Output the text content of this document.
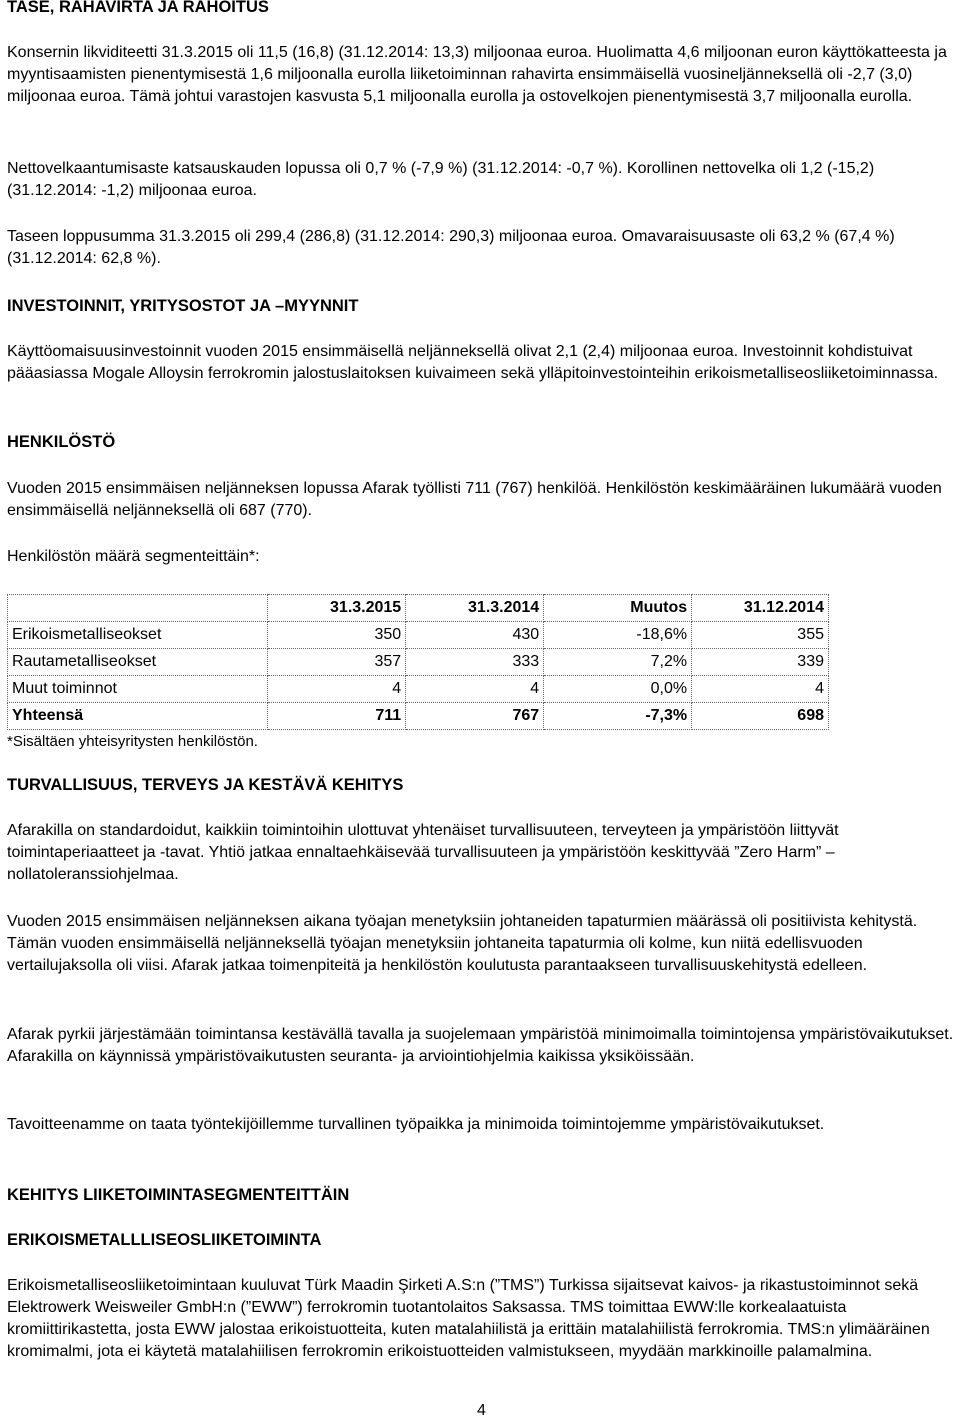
TASE, RAHAVIRTA JA RAHOITUS

Konsernin likviditeetti 31.3.2015 oli 11,5 (16,8) (31.12.2014: 13,3) miljoonaa euroa. Huolimatta 4,6 miljoonan euron käyttökatteesta ja myyntisaamisten pienentymisestä 1,6 miljoonalla eurolla liiketoiminnan rahavirta ensimmäisellä vuosineljänneksellä oli -2,7 (3,0) miljoonaa euroa. Tämä johtui varastojen kasvusta 5,1 miljoonalla eurolla ja ostovelkojen pienentymisestä 3,7 miljoonalla eurolla.

Nettovelkaantumisaste katsauskauden lopussa oli 0,7 % (-7,9 %) (31.12.2014: -0,7 %). Korollinen nettovelka oli 1,2 (-15,2) (31.12.2014: -1,2) miljoonaa euroa.

Taseen loppusumma 31.3.2015 oli 299,4 (286,8) (31.12.2014: 290,3) miljoonaa euroa. Omavaraisuusaste oli 63,2 % (67,4 %) (31.12.2014: 62,8 %).

INVESTOINNIT, YRITYSOSTOT JA –MYYNNIT

Käyttöomaisuusinvestoinnit vuoden 2015 ensimmäisellä neljänneksellä olivat 2,1 (2,4) miljoonaa euroa. Investoinnit kohdistuivat pääasiassa Mogale Alloysin ferrokromin jalostuslaitoksen kuivaimeen sekä ylläpitoinvestointeihin erikoismetalliseosliiketoiminnassa.

HENKILÖSTÖ

Vuoden 2015 ensimmäisen neljänneksen lopussa Afarak työllisti 711 (767) henkilöä. Henkilöstön keskimääräinen lukumäärä vuoden ensimmäisellä neljänneksellä oli 687 (770).

Henkilöstön määrä segmenteittäin*:

	31.3.2015	31.3.2014	Muutos	31.12.2014
Erikoismetalliseokset	350	430	-18,6%	355
Rautametalliseokset	357	333	7,2%	339
Muut toiminnot	4	4	0,0%	4
Yhteensä	711	767	-7,3%	698

*Sisältäen yhteisyritysten henkilöstön.

TURVALLISUUS, TERVEYS JA KESTÄVÄ KEHITYS

Afarakilla on standardoidut, kaikkiin toimintoihin ulottuvat yhtenäiset turvallisuuteen, terveyteen ja ympäristöön liittyvät toimintaperiaatteet ja -tavat. Yhtiö jatkaa ennaltaehkäisevää turvallisuuteen ja ympäristöön keskittyvää ”Zero Harm” –nollatoleranssiohjelmaa.

Vuoden 2015 ensimmäisen neljänneksen aikana työajan menetyksiin johtaneiden tapaturmien määrässä oli positiivista kehitystä. Tämän vuoden ensimmäisellä neljänneksellä työajan menetyksiin johtaneita tapaturmia oli kolme, kun niitä edellisvuoden vertailujaksolla oli viisi. Afarak jatkaa toimenpiteitä ja henkilöstön koulutusta parantaakseen turvallisuuskehitystä edelleen.

Afarak pyrkii järjestämään toimintansa kestävällä tavalla ja suojelemaan ympäristöä minimoimalla toimintojensa ympäristövaikutukset. Afarakilla on käynnissä ympäristövaikutusten seuranta- ja arviointiohjelmia kaikissa yksiköissään.

Tavoitteenamme on taata työntekijöillemme turvallinen työpaikka ja minimoida toimintojemme ympäristövaikutukset.

KEHITYS LIIKETOIMINTASEGMENTEITTÄIN
ERIKOISMETALLLISEOSLIIKETOIMINTA

Erikoismetalliseosliiketoimintaan kuuluvat Türk Maadin Şirketi A.S:n (”TMS”) Turkissa sijaitsevat kaivos- ja rikastustoiminnot sekä Elektrowerk Weisweiler GmbH:n (”EWW”) ferrokromin tuotantolaitos Saksassa. TMS toimittaa EWW:lle korkealaatuista kromiittirikastetta, josta EWW jalostaa erikoistuotteita, kuten matalahiilistä ja erittäin matalahiilistä ferrokromia. TMS:n ylimääräinen kromimalmi, jota ei käytetä matalahiilisen ferrokromin erikoistuotteiden valmistukseen, myydään markkinoille palamalmina.

4
